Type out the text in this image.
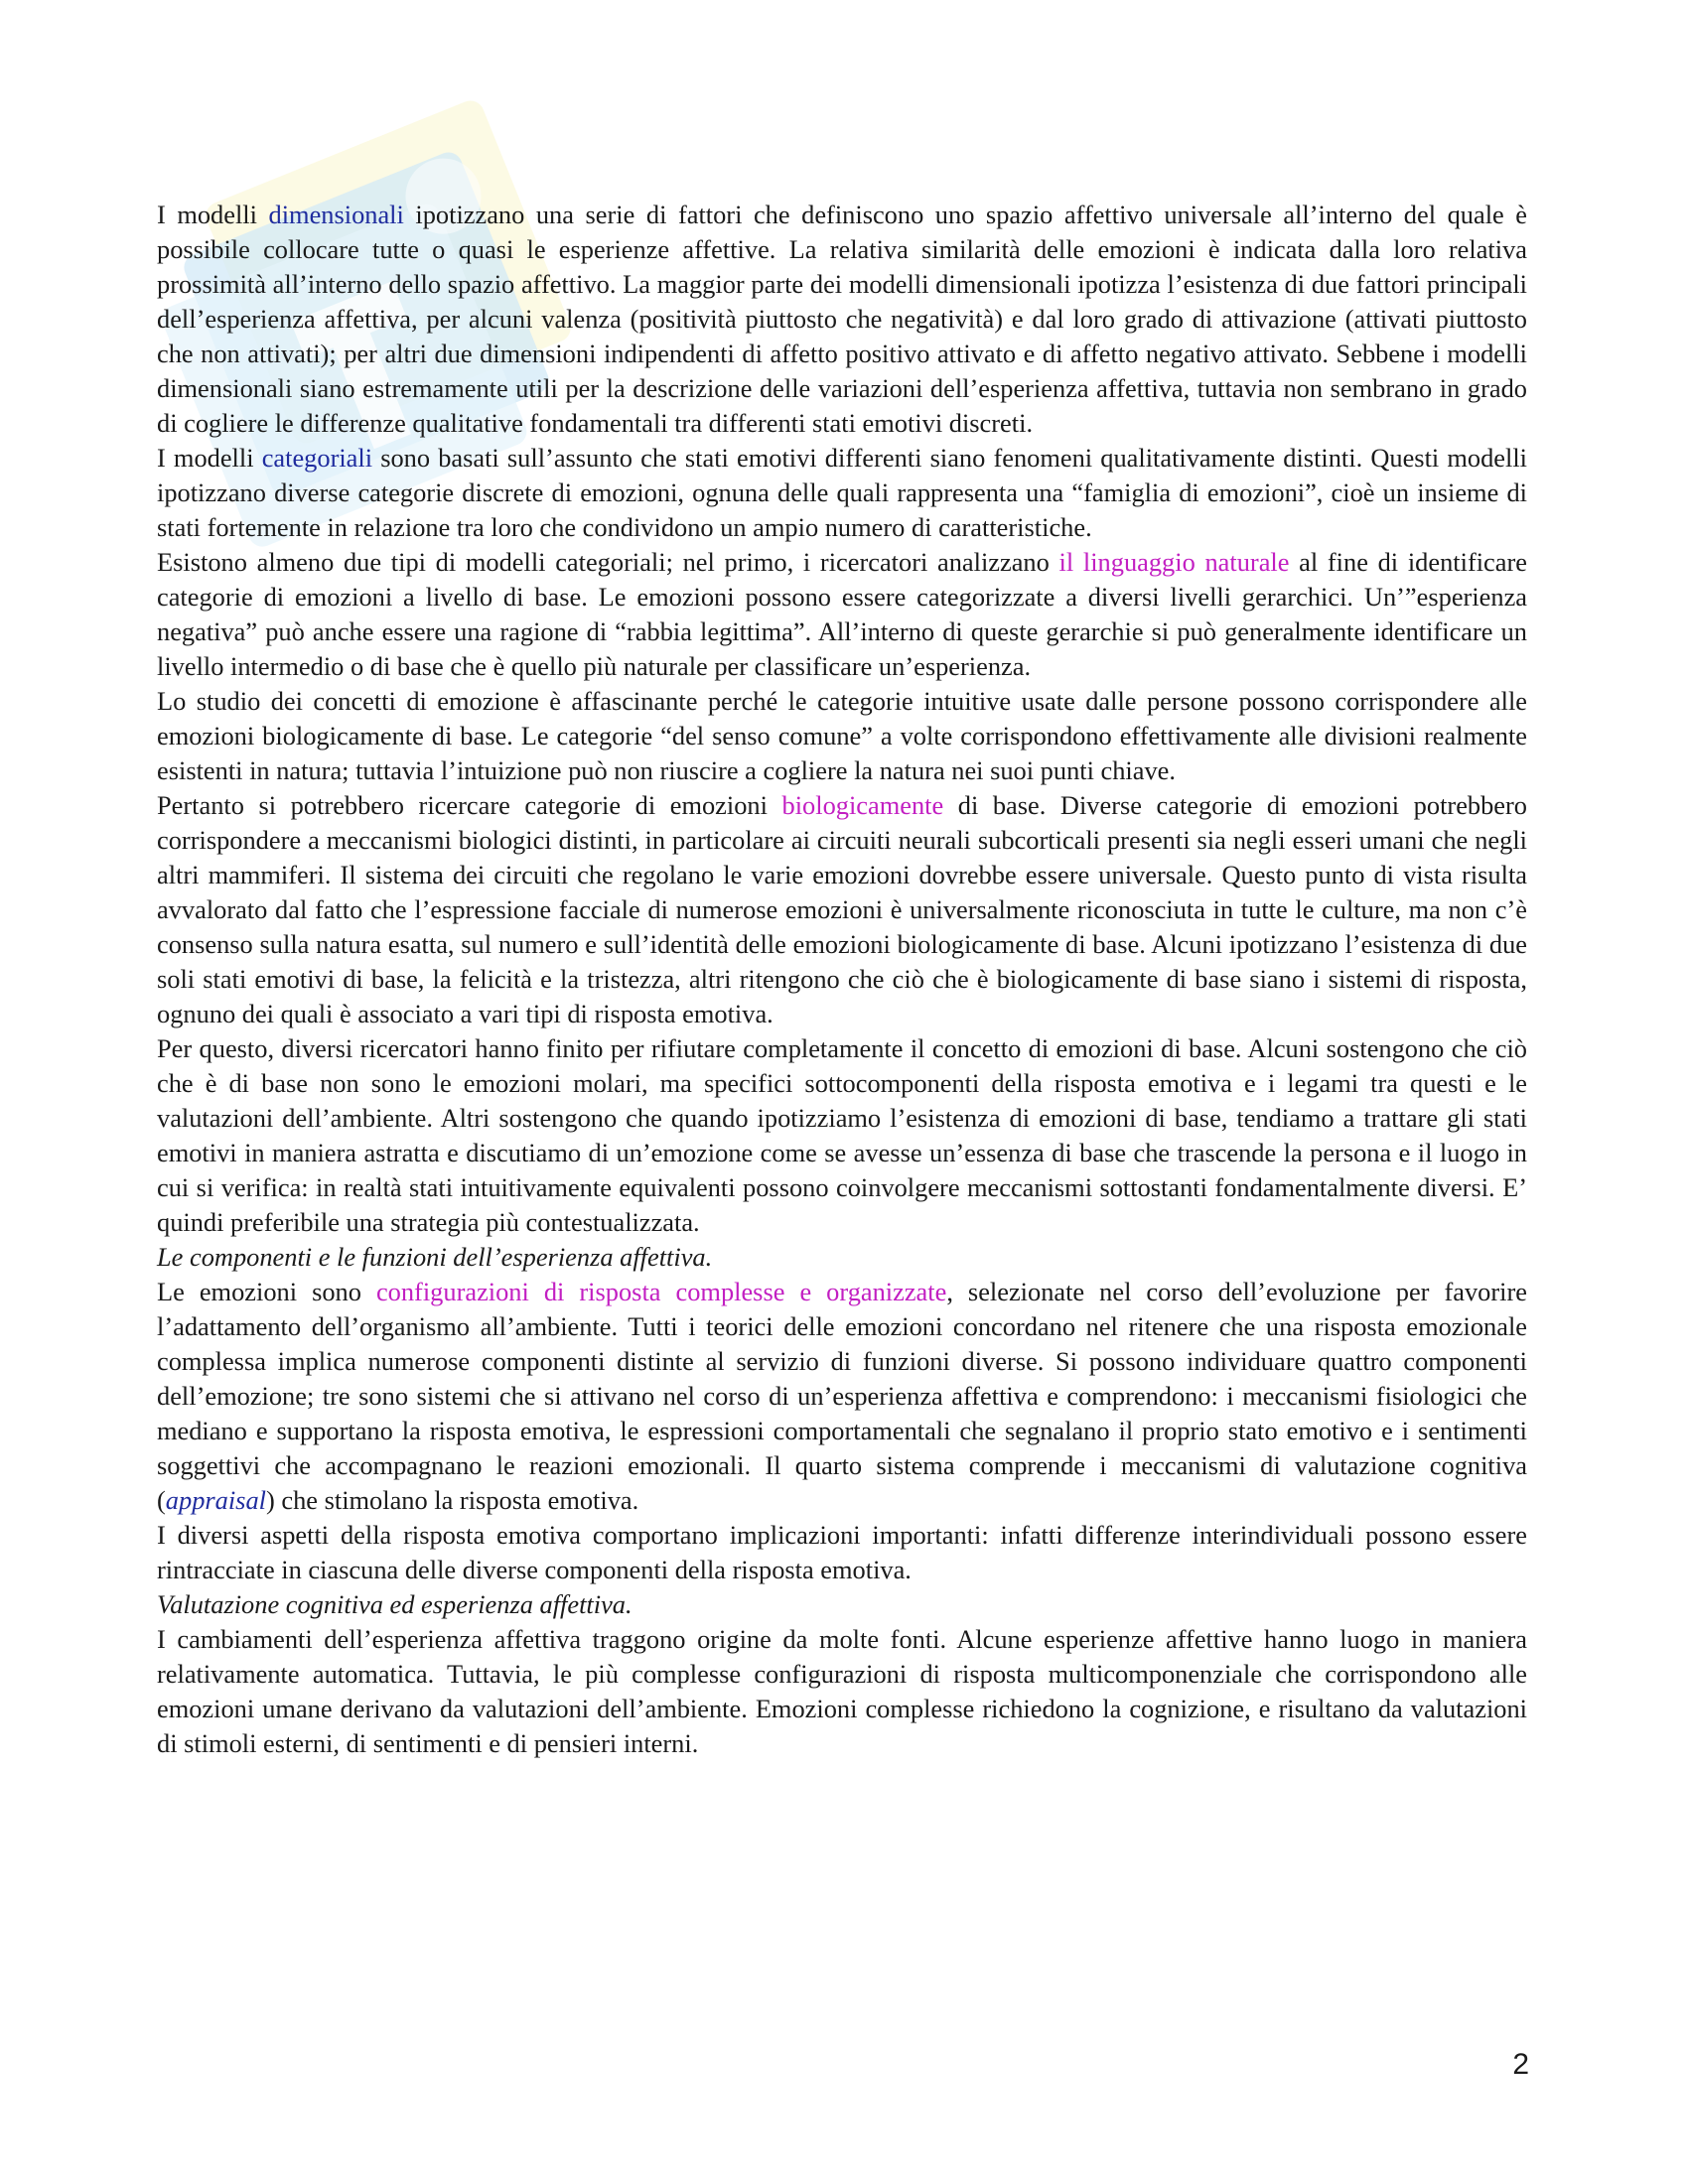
I modelli dimensionali ipotizzano una serie di fattori che definiscono uno spazio affettivo universale all’interno del quale è possibile collocare tutte o quasi le esperienze affettive. La relativa similarità delle emozioni è indicata dalla loro relativa prossimità all’interno dello spazio affettivo. La maggior parte dei modelli dimensionali ipotizza l’esistenza di due fattori principali dell’esperienza affettiva, per alcuni valenza (positività piuttosto che negatività) e dal loro grado di attivazione (attivati piuttosto che non attivati); per altri due dimensioni indipendenti di affetto positivo attivato e di affetto negativo attivato. Sebbene i modelli dimensionali siano estremamente utili per la descrizione delle variazioni dell’esperienza affettiva, tuttavia non sembrano in grado di cogliere le differenze qualitative fondamentali tra differenti stati emotivi discreti.

I modelli categoriali sono basati sull’assunto che stati emotivi differenti siano fenomeni qualitativamente distinti. Questi modelli ipotizzano diverse categorie discrete di emozioni, ognuna delle quali rappresenta una “famiglia di emozioni”, cioè un insieme di stati fortemente in relazione tra loro che condividono un ampio numero di caratteristiche.

Esistono almeno due tipi di modelli categoriali; nel primo, i ricercatori analizzano il linguaggio naturale al fine di identificare categorie di emozioni a livello di base. Le emozioni possono essere categorizzate a diversi livelli gerarchici. Un’”esperienza negativa” può anche essere una ragione di “rabbia legittima”. All’interno di queste gerarchie si può generalmente identificare un livello intermedio o di base che è quello più naturale per classificare un’esperienza.

Lo studio dei concetti di emozione è affascinante perché le categorie intuitive usate dalle persone possono corrispondere alle emozioni biologicamente di base. Le categorie “del senso comune” a volte corrispondono effettivamente alle divisioni realmente esistenti in natura; tuttavia l’intuizione può non riuscire a cogliere la natura nei suoi punti chiave.

Pertanto si potrebbero ricercare categorie di emozioni biologicamente di base. Diverse categorie di emozioni potrebbero corrispondere a meccanismi biologici distinti, in particolare ai circuiti neurali subcorticali presenti sia negli esseri umani che negli altri mammiferi. Il sistema dei circuiti che regolano le varie emozioni dovrebbe essere universale. Questo punto di vista risulta avvalorato dal fatto che l’espressione facciale di numerose emozioni è universalmente riconosciuta in tutte le culture, ma non c’è consenso sulla natura esatta, sul numero e sull’identità delle emozioni biologicamente di base. Alcuni ipotizzano l’esistenza di due soli stati emotivi di base, la felicità e la tristezza, altri ritengono che ciò che è biologicamente di base siano i sistemi di risposta, ognuno dei quali è associato a vari tipi di risposta emotiva.

Per questo, diversi ricercatori hanno finito per rifiutare completamente il concetto di emozioni di base. Alcuni sostengono che ciò che è di base non sono le emozioni molari, ma specifici sottocomponenti della risposta emotiva e i legami tra questi e le valutazioni dell’ambiente. Altri sostengono che quando ipotizziamo l’esistenza di emozioni di base, tendiamo a trattare gli stati emotivi in maniera astratta e discutiamo di un’emozione come se avesse un’essenza di base che trascende la persona e il luogo in cui si verifica: in realtà stati intuitivamente equivalenti possono coinvolgere meccanismi sottostanti fondamentalmente diversi. E’ quindi preferibile una strategia più contestualizzata.

Le componenti e le funzioni dell’esperienza affettiva.

Le emozioni sono configurazioni di risposta complesse e organizzate, selezionate nel corso dell’evoluzione per favorire l’adattamento dell’organismo all’ambiente. Tutti i teorici delle emozioni concordano nel ritenere che una risposta emozionale complessa implica numerose componenti distinte al servizio di funzioni diverse. Si possono individuare quattro componenti dell’emozione; tre sono sistemi che si attivano nel corso di un’esperienza affettiva e comprendono: i meccanismi fisiologici che mediano e supportano la risposta emotiva, le espressioni comportamentali che segnalano il proprio stato emotivo e i sentimenti soggettivi che accompagnano le reazioni emozionali. Il quarto sistema comprende i meccanismi di valutazione cognitiva (appraisal) che stimolano la risposta emotiva.

I diversi aspetti della risposta emotiva comportano implicazioni importanti: infatti differenze interindividuali possono essere rintracciate in ciascuna delle diverse componenti della risposta emotiva.

Valutazione cognitiva ed esperienza affettiva.

I cambiamenti dell’esperienza affettiva traggono origine da molte fonti. Alcune esperienze affettive hanno luogo in maniera relativamente automatica. Tuttavia, le più complesse configurazioni di risposta multicomponenziale che corrispondono alle emozioni umane derivano da valutazioni dell’ambiente. Emozioni complesse richiedono la cognizione, e risultano da valutazioni di stimoli esterni, di sentimenti e di pensieri interni.

2
